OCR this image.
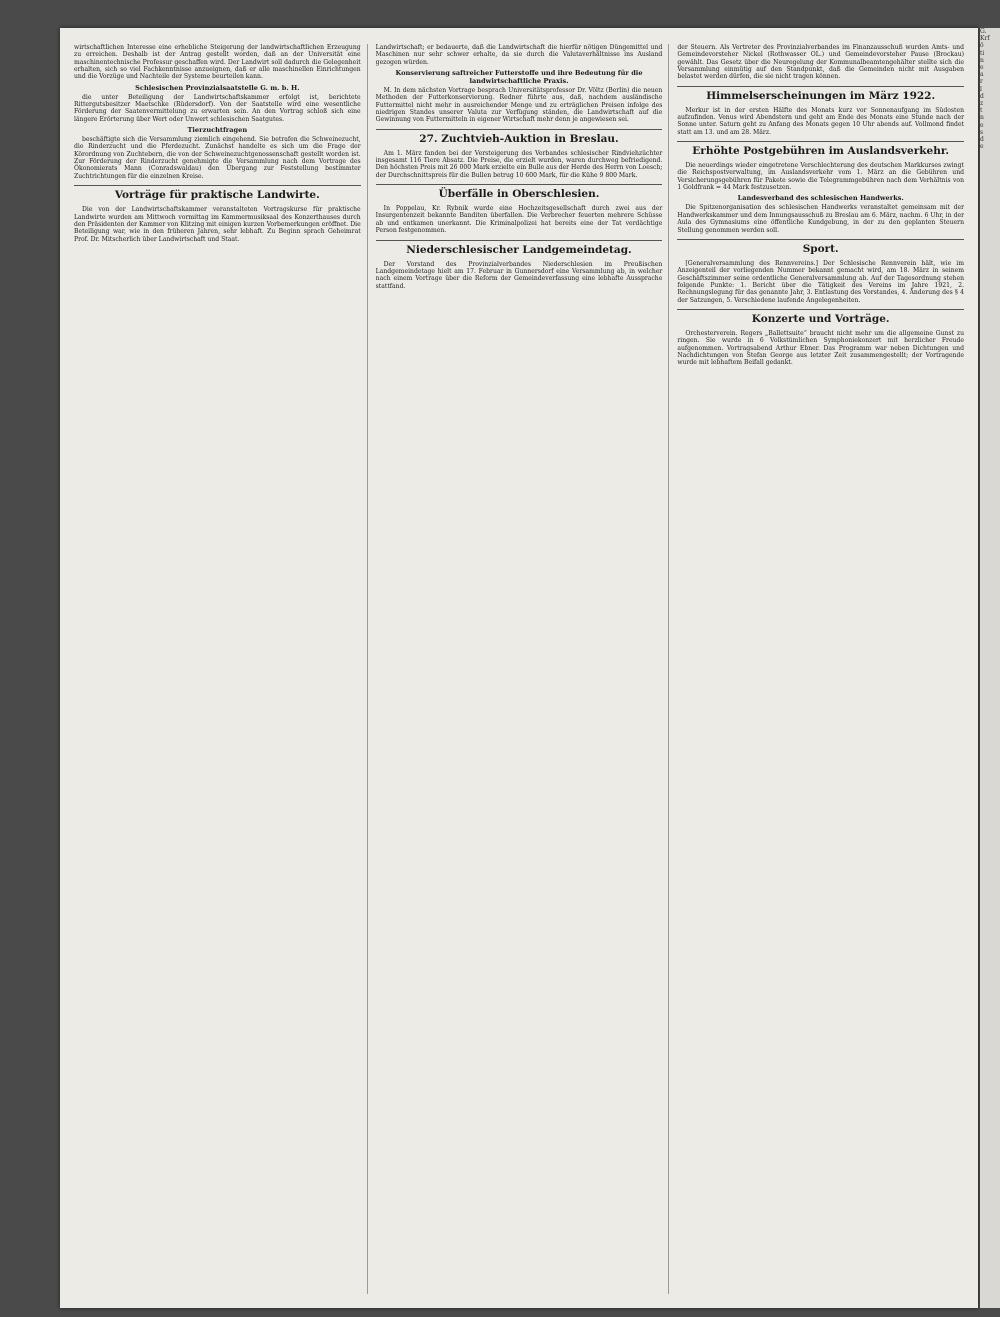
wirtschaftlichen Interesse eine erhebliche Steigerung der landwirtschaftlichen Erzeugung zu erreichen. Deshalb ist der Antrag gestellt worden, daß an der Universität eine maschinentechnische Professur geschaffen wird. Der Landwirt soll dadurch die Gelegenheit erhalten, sich so viel Fachkenntnisse anzueignen, daß er alle maschinellen Einrichtungen und die Vorzüge und Nachteile der Systeme beurteilen kann.

Schlesischen Provinzialsaatstelle G. m. b. H.

die unter Beteiligung der Landwirtschaftskammer erfolgt ist, berichtete Rittergutsbesitzer Maetschke (Rüdersdorf). Von der Saatstelle wird eine wesentliche Förderung der Saatenvermittelung zu erwarten sein. An den Vortrag schloß sich eine längere Erörterung über Wert oder Unwert schlesischen Saatgutes.

Tierzuchtfragen

beschäftigte sich die Versammlung ziemlich eingehend. Sie betrafen die Schweinezucht, die Rinderzucht und die Pferdezucht. Zunächst handelte es sich um die Frage der Körordnung von Zuchtebern, die von der Schweinezuchtgenossenschaft gestellt worden ist. Zur Förderung der Rinderzucht genehmigte die Versammlung nach dem Vortrage des Ökonomierats Mann (Conradswaldau) den Übergang zur Feststellung bestimmter Zuchtrichtungen für die einzelnen Kreise.

Vorträge für praktische Landwirte.

Die von der Landwirtschaftskammer veranstalteten Vortragskurse für praktische Landwirte wurden am Mittwoch vormittag im Kammermusiksaal des Konzerthauses durch den Präsidenten der Kammer von Klitzing mit einigen kurzen Vorbemerkungen eröffnet. Die Beteiligung war, wie in den früheren Jahren, sehr lebhaft. Zu Beginn sprach Geheimrat Prof. Dr. Mitscherlich über Landwirtschaft und Staat.

Landwirtschaft; er bedauerte, daß die Landwirtschaft die hierfür nötigen Düngemittel und Maschinen nur sehr schwer erhalte, da sie durch die Valutaverhältnisse ins Ausland gezogen würden.

Konservierung saftreicher Futterstoffe und ihre Bedeutung für die landwirtschaftliche Praxis.

M. In dem nächsten Vortrage besprach Universitätsprofessor Dr. Völtz (Berlin) die neuen Methoden der Futterkonservierung. Redner führte aus, daß, nachdem ausländische Futtermittel nicht mehr in ausreichender Menge und zu erträglichen Preisen infolge des niedrigen Standes unserer Valuta zur Verfügung ständen, die Landwirtschaft auf die Gewinnung von Futtermitteln in eigener Wirtschaft mehr denn je angewiesen sei.

27. Zuchtvieh-Auktion in Breslau.

Am 1. März fanden bei der Versteigerung des Verbandes schlesischer Rindviehzüchter insgesamt 116 Tiere Absatz. Die Preise, die erzielt wurden, waren durchweg befriedigend. Den höchsten Preis mit 26 000 Mark erzielte ein Bulle aus der Herde des Herrn von Loesch; der Durchschnittspreis für die Bullen betrug 10 600 Mark, für die Kühe 9 800 Mark.

Überfälle in Oberschlesien.

In Poppelau, Kr. Rybnik wurde eine Hochzeitsgesellschaft durch zwei aus der Insurgentenzeit bekannte Banditen überfallen. Die Verbrecher feuerten mehrere Schüsse ab und entkamen unerkannt. Die Kriminalpolizei hat bereits eine der Tat verdächtige Person festgenommen.

Niederschlesischer Landgemeindetag.

Der Vorstand des Provinzialverbandes Niederschlesien im Preußischen Landgemeindetage hielt am 17. Februar in Gunnersdorf eine Versammlung ab, in welcher nach einem Vortrage über die Reform der Gemeindeverfassung eine lebhafte Aussprache stattfand.

der Steuern. Als Vertreter des Provinzialverbandes im Finanzausschuß wurden Amts- und Gemeindevorsteher Nickel (Rothwasser OL.) und Gemeindevorsteher Pause (Brockau) gewählt. Das Gesetz über die Neuregelung der Kommunalbeamtengehälter stellte sich die Versammlung einmütig auf den Standpunkt, daß die Gemeinden nicht mit Ausgaben belastet werden dürfen, die sie nicht tragen können.

Himmelserscheinungen im März 1922.

Merkur ist in der ersten Hälfte des Monats kurz vor Sonnenaufgang im Südosten aufzufinden. Venus wird Abendstern und geht am Ende des Monats eine Stunde nach der Sonne unter. Saturn geht zu Anfang des Monats gegen 10 Uhr abends auf. Vollmond findet statt am 13. und am 28. März.

Erhöhte Postgebühren im Auslandsverkehr.

Die neuerdings wieder eingetretene Verschlechterung des deutschen Markkurses zwingt die Reichspostverwaltung, im Auslandsverkehr vom 1. März an die Gebühren und Versicherungsgebühren für Pakete sowie die Telegrammgebühren nach dem Verhältnis von 1 Goldfrank = 44 Mark festzusetzen.

Landesverband des schlesischen Handwerks.

Die Spitzenorganisation des schlesischen Handwerks veranstaltet gemeinsam mit der Handwerkskammer und dem Innungsausschuß zu Breslau am 6. März, nachm. 6 Uhr, in der Aula des Gymnasiums eine öffentliche Kundgebung, in der zu den geplanten Steuern Stellung genommen werden soll.

Sport.

[Generalversammlung des Rennvereins.] Der Schlesische Rennverein hält, wie im Anzeigenteil der vorliegenden Nummer bekannt gemacht wird, am 18. März in seinem Geschäftszimmer seine ordentliche Generalversammlung ab. Auf der Tagesordnung stehen folgende Punkte: 1. Bericht über die Tätigkeit des Vereins im Jahre 1921, 2. Rechnungslegung für das genannte Jahr, 3. Entlastung des Vorstandes, 4. Änderung des § 4 der Satzungen, 5. Verschiedene laufende Angelegenheiten.

Konzerte und Vorträge.

Orchesterverein. Regers „Ballettsuite“ braucht nicht mehr um die allgemeine Gunst zu ringen. Sie wurde in 6 Volkstümlichen Symphoniekonzert mit herzlicher Freude aufgenommen. Vortragsabend Arthur Ebner. Das Programm war neben Dichtungen und Nachdichtungen von Stefan George aus letzter Zeit zusammengestellt; der Vortragende wurde mit lebhaftem Beifall gedankt.

G.
Krf
ö
ti
n
e
a
r
l
d
z
t
n
e
s
d
e
